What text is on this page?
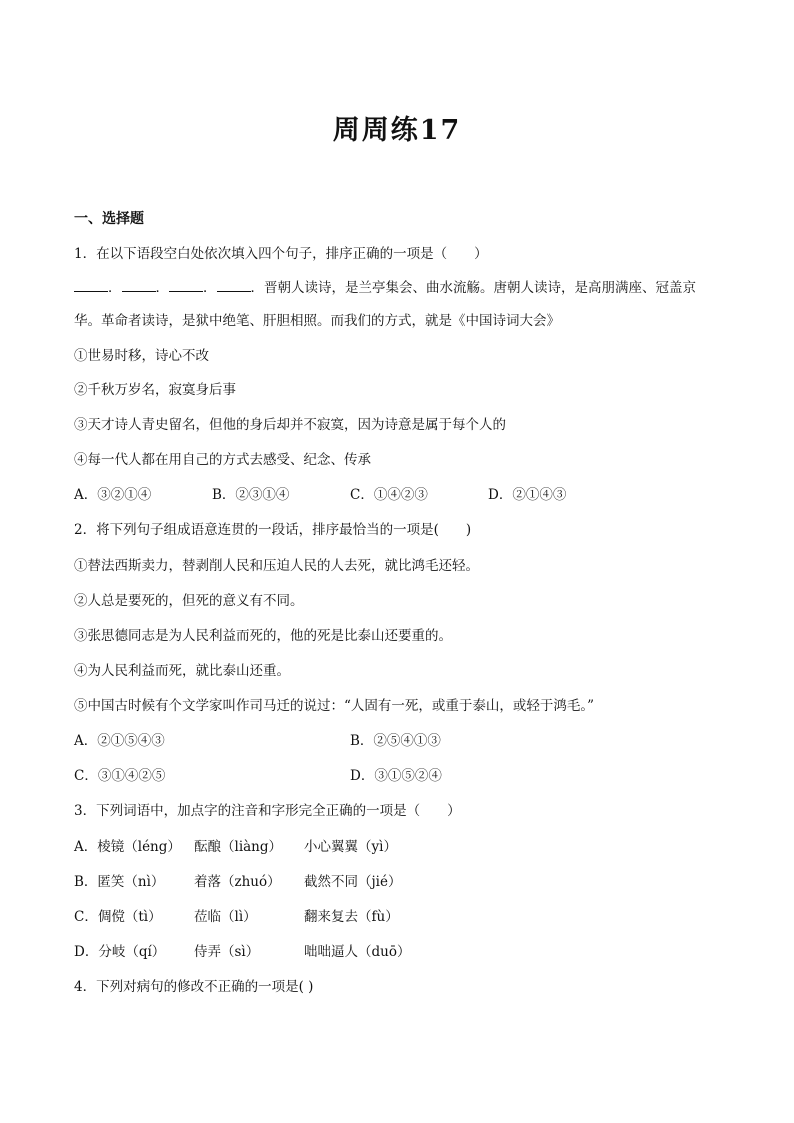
周周练17
一、选择题
1．在以下语段空白处依次填入四个句子，排序正确的一项是（　　）
．	．	．	．晋朝人读诗，是兰亭集会、曲水流觞。唐朝人读诗，是高朋满座、冠盖京
华。革命者读诗，是狱中绝笔、肝胆相照。而我们的方式，就是《中国诗词大会》
①世易时移，诗心不改
②千秋万岁名，寂寞身后事
③天才诗人青史留名，但他的身后却并不寂寞，因为诗意是属于每个人的
④每一代人都在用自己的方式去感受、纪念、传承
A．③②①④	B．②③①④	C．①④②③	D．②①④③
2．将下列句子组成语意连贯的一段话，排序最恰当的一项是(　　)
①替法西斯卖力，替剥削人民和压迫人民的人去死，就比鸿毛还轻。
②人总是要死的，但死的意义有不同。
③张思德同志是为人民利益而死的，他的死是比泰山还要重的。
④为人民利益而死，就比泰山还重。
⑤中国古时候有个文学家叫作司马迁的说过：“人固有一死，或重于泰山，或轻于鸿毛。”
A．②①⑤④③	B．②⑤④①③
C．③①④②⑤	D．③①⑤②④
3．下列词语中，加点字的注音和字形完全正确的一项是（　　）
A．棱镜（léng） 酝酿（liàng） 小心翼翼（yì）
B．匿笑（nì） 着落（zhuó） 截然不同（jié）
C．倜傥（tì） 莅临（lì）	翻来复去（fù）
D．分岐（qí） 侍弄（sì）	咄咄逼人（duō）
4．下列对病句的修改不正确的一项是( )
